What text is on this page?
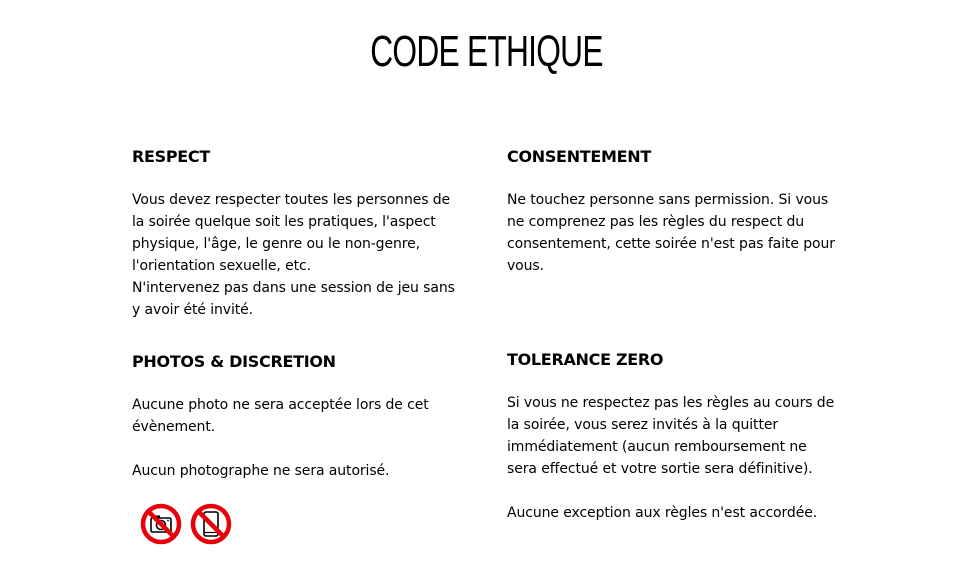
CODE ETHIQUE
RESPECT

Vous devez respecter toutes les personnes de

la soirée quelque soit les pratiques, l'aspect

physique, l'âge, le genre ou le non-genre,

l'orientation sexuelle, etc.

N'intervenez pas dans une session de jeu sans

y avoir été invité.

CONSENTEMENT

Ne touchez personne sans permission. Si vous

ne comprenez pas les règles du respect du

consentement, cette soirée n'est pas faite pour

vous.

PHOTOS & DISCRETION

Aucune photo ne sera acceptée lors de cet

évènement.

Aucun photographe ne sera autorisé.

TOLERANCE ZERO

Si vous ne respectez pas les règles au cours de

la soirée, vous serez invités à la quitter

immédiatement (aucun remboursement ne

sera effectué et votre sortie sera définitive).

Aucune exception aux règles n'est accordée.
